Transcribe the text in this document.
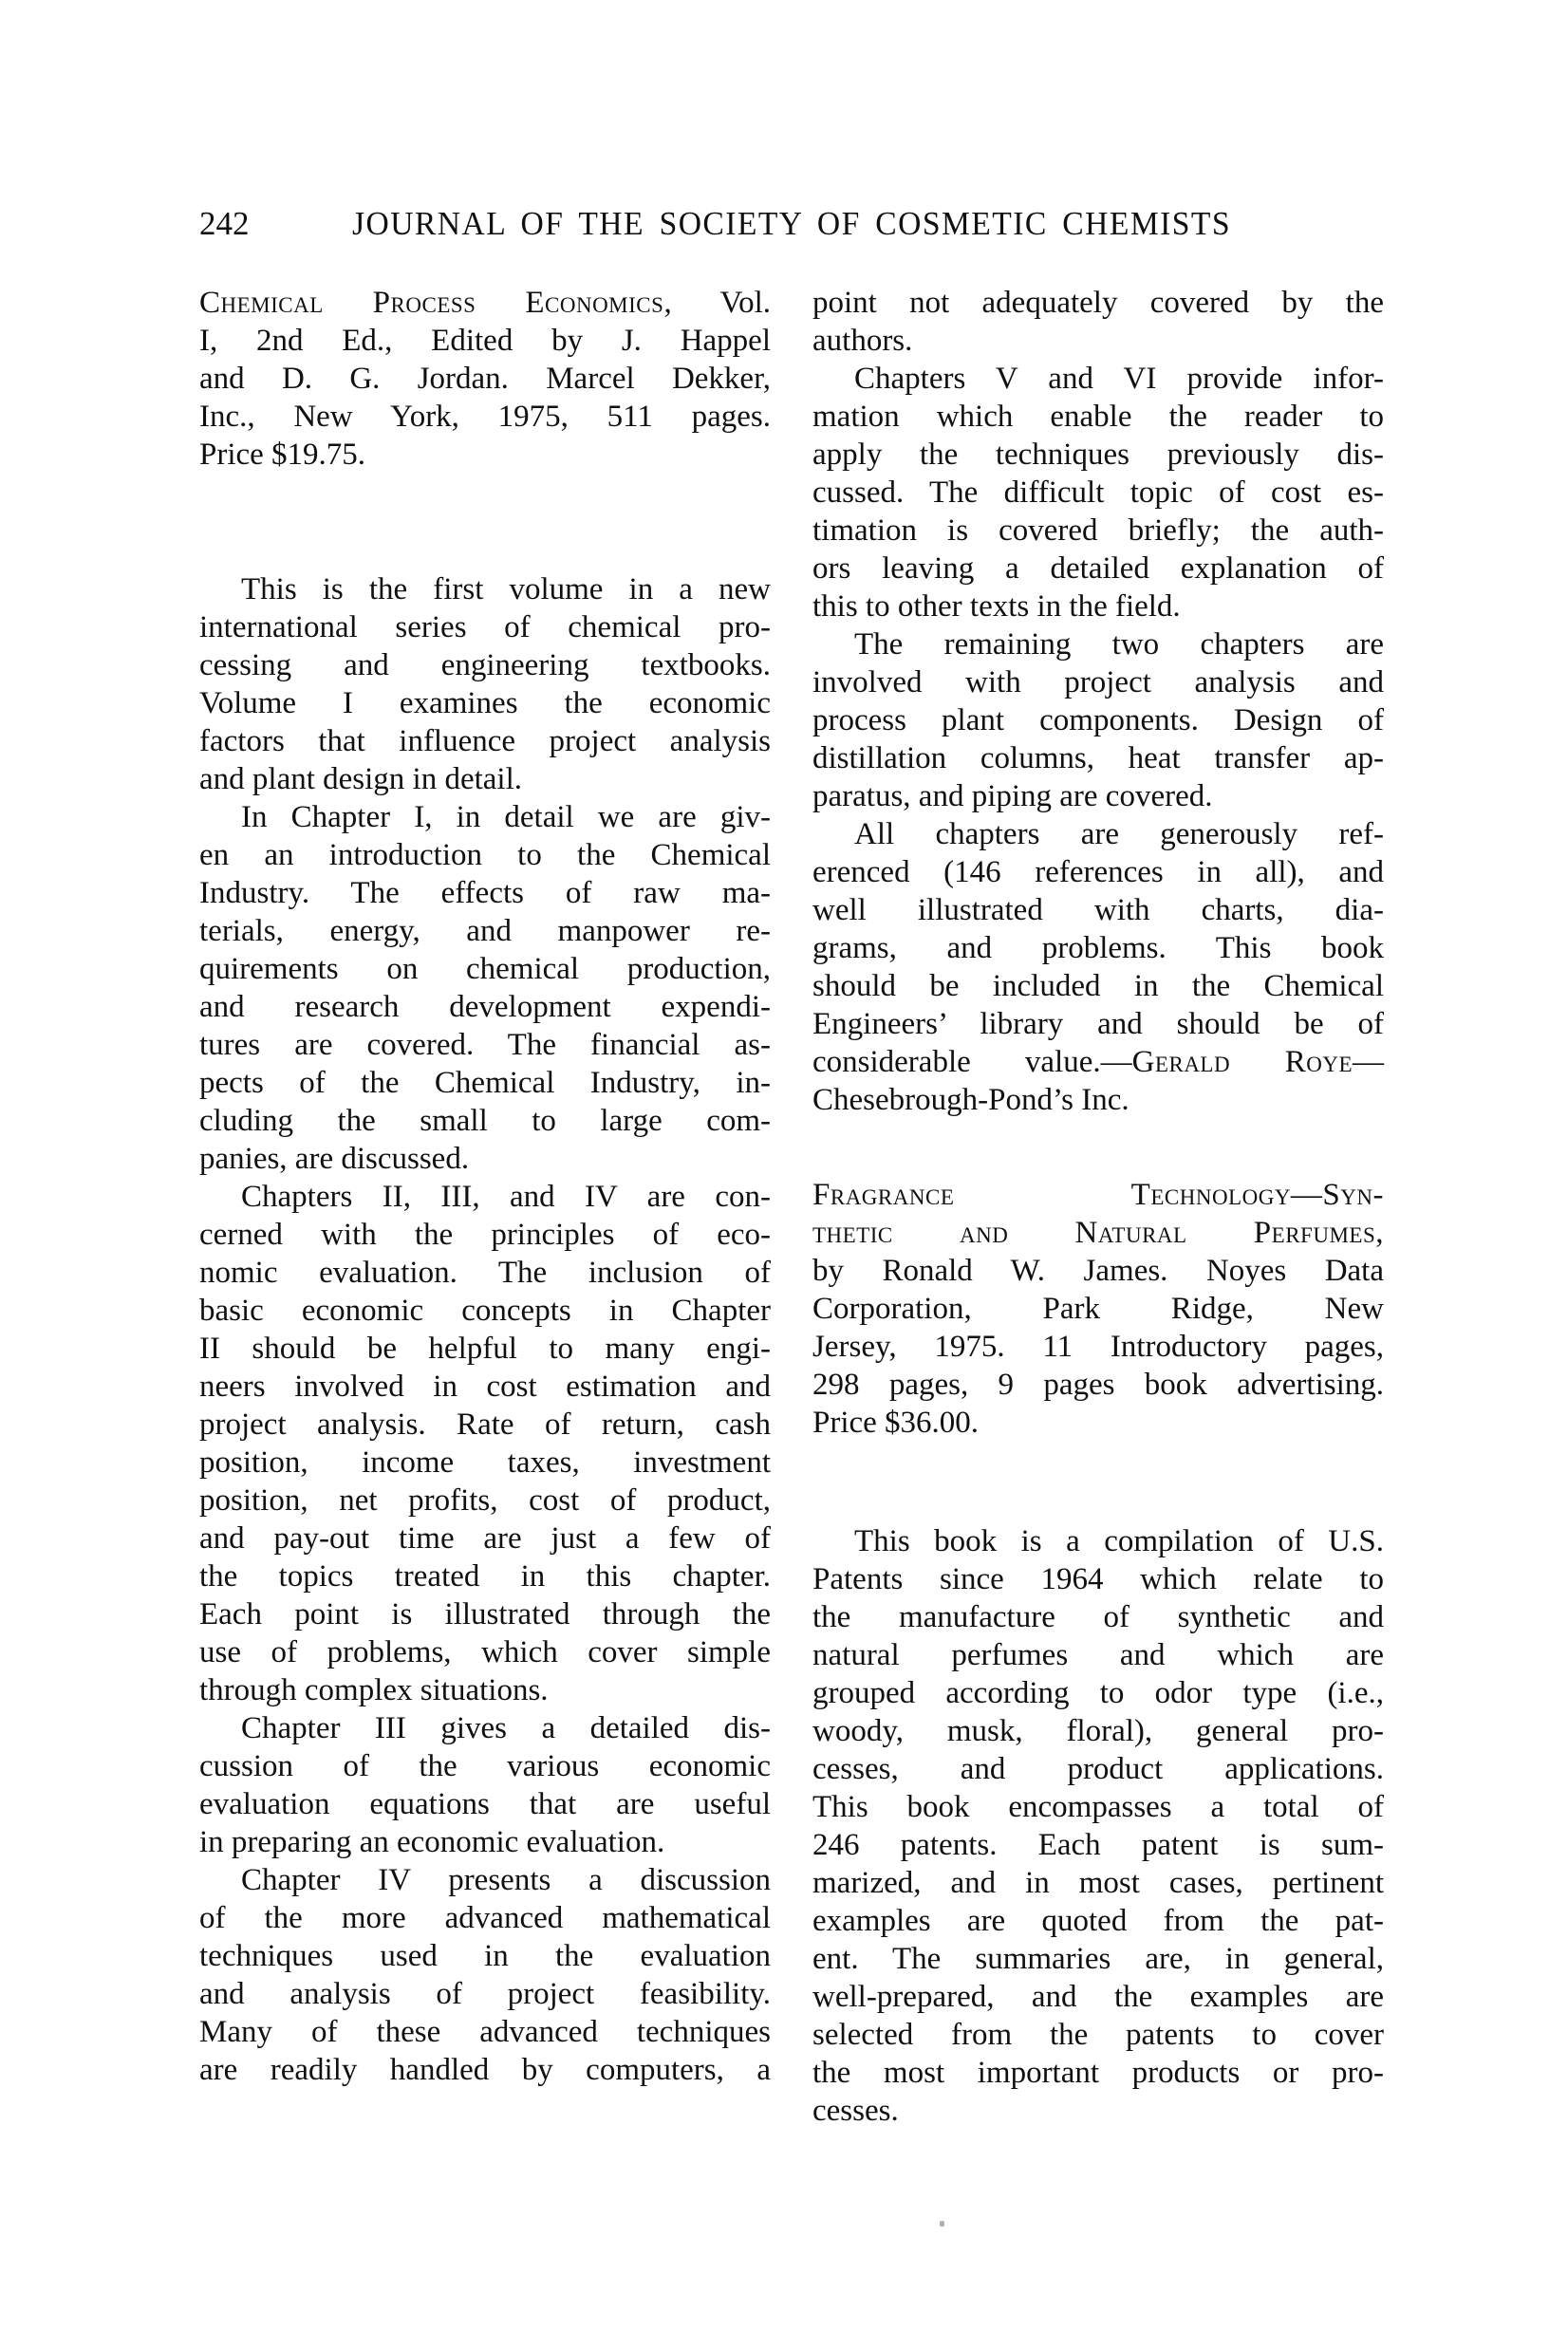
242	JOURNAL OF THE SOCIETY OF COSMETIC CHEMISTS
Chemical Process Economics, Vol.
I, 2nd Ed., Edited by J. Happel
and D. G. Jordan. Marcel Dekker,
Inc., New York, 1975, 511 pages.
Price $19.75.
This is the first volume in a new
international series of chemical pro-
cessing and engineering textbooks.
Volume I examines the economic
factors that influence project analysis
and plant design in detail.
In Chapter I, in detail we are giv-
en an introduction to the Chemical
Industry. The effects of raw ma-
terials, energy, and manpower re-
quirements on chemical production,
and research development expendi-
tures are covered. The financial as-
pects of the Chemical Industry, in-
cluding the small to large com-
panies, are discussed.
Chapters II, III, and IV are con-
cerned with the principles of eco-
nomic evaluation. The inclusion of
basic economic concepts in Chapter
II should be helpful to many engi-
neers involved in cost estimation and
project analysis. Rate of return, cash
position, income taxes, investment
position, net profits, cost of product,
and pay-out time are just a few of
the topics treated in this chapter.
Each point is illustrated through the
use of problems, which cover simple
through complex situations.
Chapter III gives a detailed dis-
cussion of the various economic
evaluation equations that are useful
in preparing an economic evaluation.
Chapter IV presents a discussion
of the more advanced mathematical
techniques used in the evaluation
and analysis of project feasibility.
Many of these advanced techniques
are readily handled by computers, a
point not adequately covered by the
authors.
Chapters V and VI provide infor-
mation which enable the reader to
apply the techniques previously dis-
cussed. The difficult topic of cost es-
timation is covered briefly; the auth-
ors leaving a detailed explanation of
this to other texts in the field.
The remaining two chapters are
involved with project analysis and
process plant components. Design of
distillation columns, heat transfer ap-
paratus, and piping are covered.
All chapters are generously ref-
erenced (146 references in all), and
well illustrated with charts, dia-
grams, and problems. This book
should be included in the Chemical
Engineers’ library and should be of
considerable value.—Gerald Roye—
Chesebrough-Pond’s Inc.
Fragrance Technology—Syn-
thetic and Natural Perfumes,
by Ronald W. James. Noyes Data
Corporation, Park Ridge, New
Jersey, 1975. 11 Introductory pages,
298 pages, 9 pages book advertising.
Price $36.00.
This book is a compilation of U.S.
Patents since 1964 which relate to
the manufacture of synthetic and
natural perfumes and which are
grouped according to odor type (i.e.,
woody, musk, floral), general pro-
cesses, and product applications.
This book encompasses a total of
246 patents. Each patent is sum-
marized, and in most cases, pertinent
examples are quoted from the pat-
ent. The summaries are, in general,
well-prepared, and the examples are
selected from the patents to cover
the most important products or pro-
cesses.
